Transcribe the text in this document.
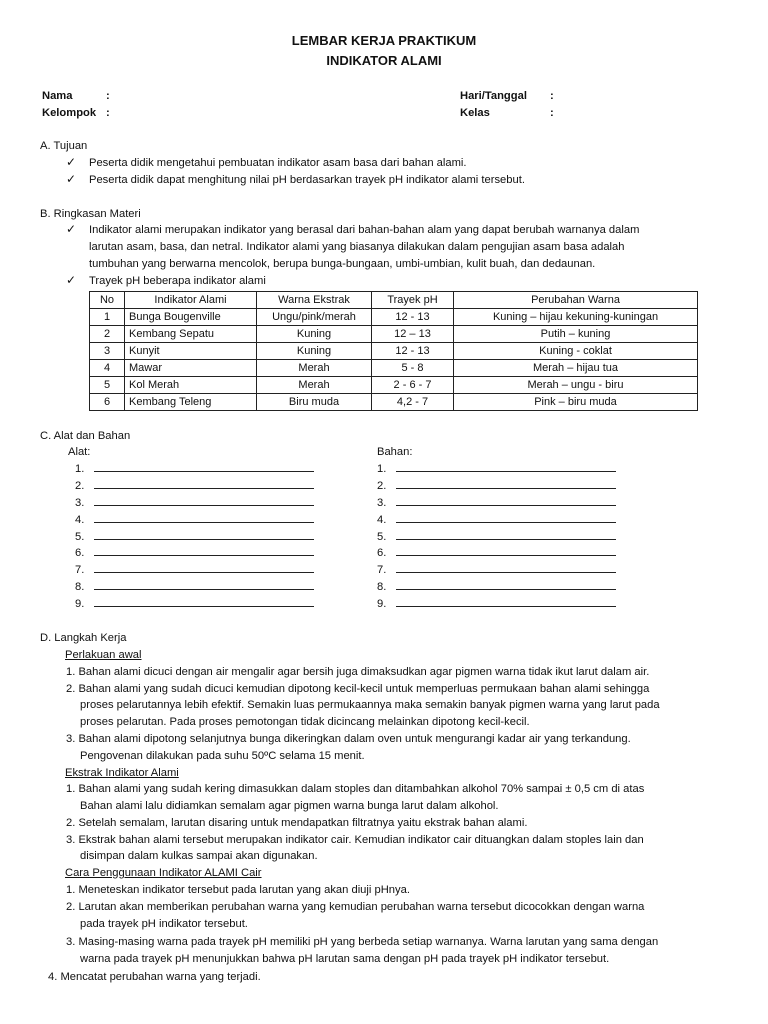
LEMBAR KERJA PRAKTIKUM
INDIKATOR ALAMI
Nama	:
Kelompok :
Hari/Tanggal :
Kelas	:
A. Tujuan
✓ Peserta didik mengetahui pembuatan indikator asam basa dari bahan alami.
✓ Peserta didik dapat menghitung nilai pH berdasarkan trayek pH indikator alami tersebut.
B. Ringkasan Materi
✓ Indikator alami merupakan indikator yang berasal dari bahan-bahan alam yang dapat berubah warnanya dalam
larutan asam, basa, dan netral. Indikator alami yang biasanya dilakukan dalam pengujian asam basa adalah
tumbuhan yang berwarna mencolok, berupa bunga-bungaan, umbi-umbian, kulit buah, dan dedaunan.
✓ Trayek pH beberapa indikator alami
No	Indikator Alami	Warna Ekstrak	Trayek pH	Perubahan Warna
1	Bunga Bougenville	Ungu/pink/merah	12 - 13	Kuning – hijau kekuning-kuningan
2	Kembang Sepatu	Kuning	12 – 13	Putih – kuning
3	Kunyit	Kuning	12 - 13	Kuning - coklat
4	Mawar	Merah	5 - 8	Merah – hijau tua
5	Kol Merah	Merah	2 - 6 - 7	Merah – ungu - biru
6	Kembang Teleng	Biru muda	4,2 - 7	Pink – biru muda
C. Alat dan Bahan
Alat:	Bahan:
1.
2.
3.
4.
5.
6.
7.
8.
9.
1.
2.
3.
4.
5.
6.
7.
8.
9.
D. Langkah Kerja
Perlakuan awal
1. Bahan alami dicuci dengan air mengalir agar bersih juga dimaksudkan agar pigmen warna tidak ikut larut dalam air.
2. Bahan alami yang sudah dicuci kemudian dipotong kecil-kecil untuk memperluas permukaan bahan alami sehingga
proses pelarutannya lebih efektif. Semakin luas permukaannya maka semakin banyak pigmen warna yang larut pada
proses pelarutan. Pada proses pemotongan tidak dicincang melainkan dipotong kecil-kecil.
3. Bahan alami dipotong selanjutnya bunga dikeringkan dalam oven untuk mengurangi kadar air yang terkandung.
Pengovenan dilakukan pada suhu 50ºC selama 15 menit.
Ekstrak Indikator Alami
1. Bahan alami yang sudah kering dimasukkan dalam stoples dan ditambahkan alkohol 70% sampai ± 0,5 cm di atas
Bahan alami lalu didiamkan semalam agar pigmen warna bunga larut dalam alkohol.
2. Setelah semalam, larutan disaring untuk mendapatkan filtratnya yaitu ekstrak bahan alami.
3. Ekstrak bahan alami tersebut merupakan indikator cair. Kemudian indikator cair dituangkan dalam stoples lain dan
disimpan dalam kulkas sampai akan digunakan.
Cara Penggunaan Indikator ALAMI Cair
1. Meneteskan indikator tersebut pada larutan yang akan diuji pHnya.
2. Larutan akan memberikan perubahan warna yang kemudian perubahan warna tersebut dicocokkan dengan warna
pada trayek pH indikator tersebut.
3. Masing-masing warna pada trayek pH memiliki pH yang berbeda setiap warnanya. Warna larutan yang sama dengan
warna pada trayek pH menunjukkan bahwa pH larutan sama dengan pH pada trayek pH indikator tersebut.
4. Mencatat perubahan warna yang terjadi.
